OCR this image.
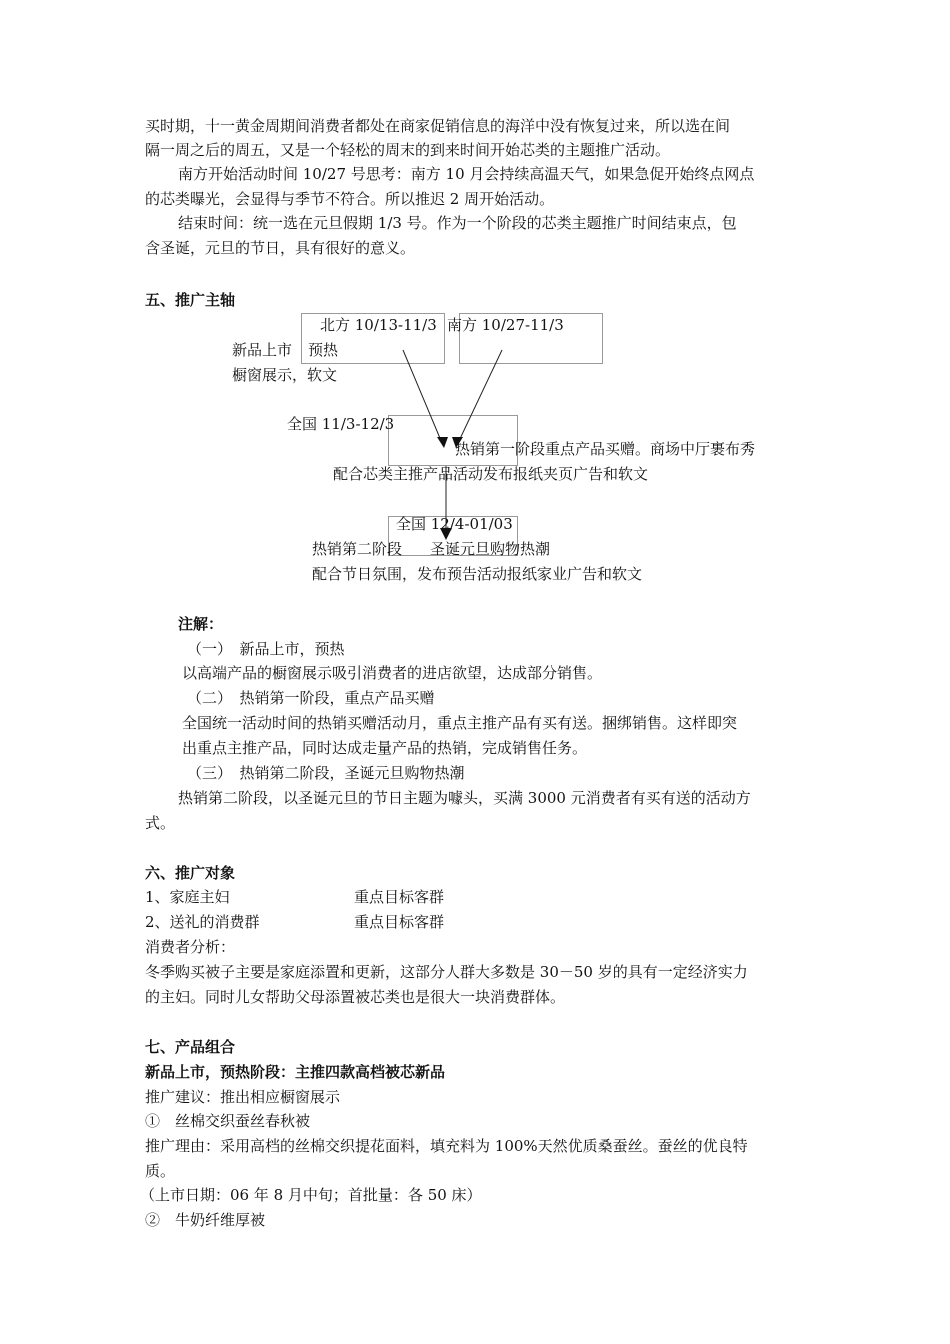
买时期，十一黄金周期间消费者都处在商家促销信息的海洋中没有恢复过来，所以选在间
隔一周之后的周五，又是一个轻松的周末的到来时间开始芯类的主题推广活动。
南方开始活动时间 10/27 号思考：南方 10 月会持续高温天气，如果急促开始终点网点
的芯类曝光，会显得与季节不符合。所以推迟 2 周开始活动。
结束时间：统一选在元旦假期 1/3 号。作为一个阶段的芯类主题推广时间结束点，包
含圣诞，元旦的节日，具有很好的意义。
五、推广主轴
北方 10/13-11/3 南方 10/27-11/3
新品上市 预热
橱窗展示，软文
全国 11/3-12/3
热销第一阶段重点产品买赠。商场中厅裹布秀
配合芯类主推产品活动发布报纸夹页广告和软文
全国 12/4-01/03
热销第二阶段 圣诞元旦购物热潮
配合节日氛围，发布预告活动报纸家业广告和软文
注解：
（一）　新品上市，预热
以高端产品的橱窗展示吸引消费者的进店欲望，达成部分销售。
（二）　热销第一阶段，重点产品买赠
全国统一活动时间的热销买赠活动月，重点主推产品有买有送。捆绑销售。这样即突
出重点主推产品，同时达成走量产品的热销，完成销售任务。
（三）　热销第二阶段，圣诞元旦购物热潮
热销第二阶段，以圣诞元旦的节日主题为噱头，买满 3000 元消费者有买有送的活动方
式。
六、推广对象
1、家庭主妇	重点目标客群
2、送礼的消费群	重点目标客群
消费者分析：
冬季购买被子主要是家庭添置和更新，这部分人群大多数是 30－50 岁的具有一定经济实力
的主妇。同时儿女帮助父母添置被芯类也是很大一块消费群体。
七、产品组合
新品上市，预热阶段：主推四款高档被芯新品
推广建议：推出相应橱窗展示
①　丝棉交织蚕丝春秋被
推广理由：采用高档的丝棉交织提花面料，填充料为 100%天然优质桑蚕丝。蚕丝的优良特
质。
（上市日期：06 年 8 月中旬；首批量：各 50 床）
②　牛奶纤维厚被
